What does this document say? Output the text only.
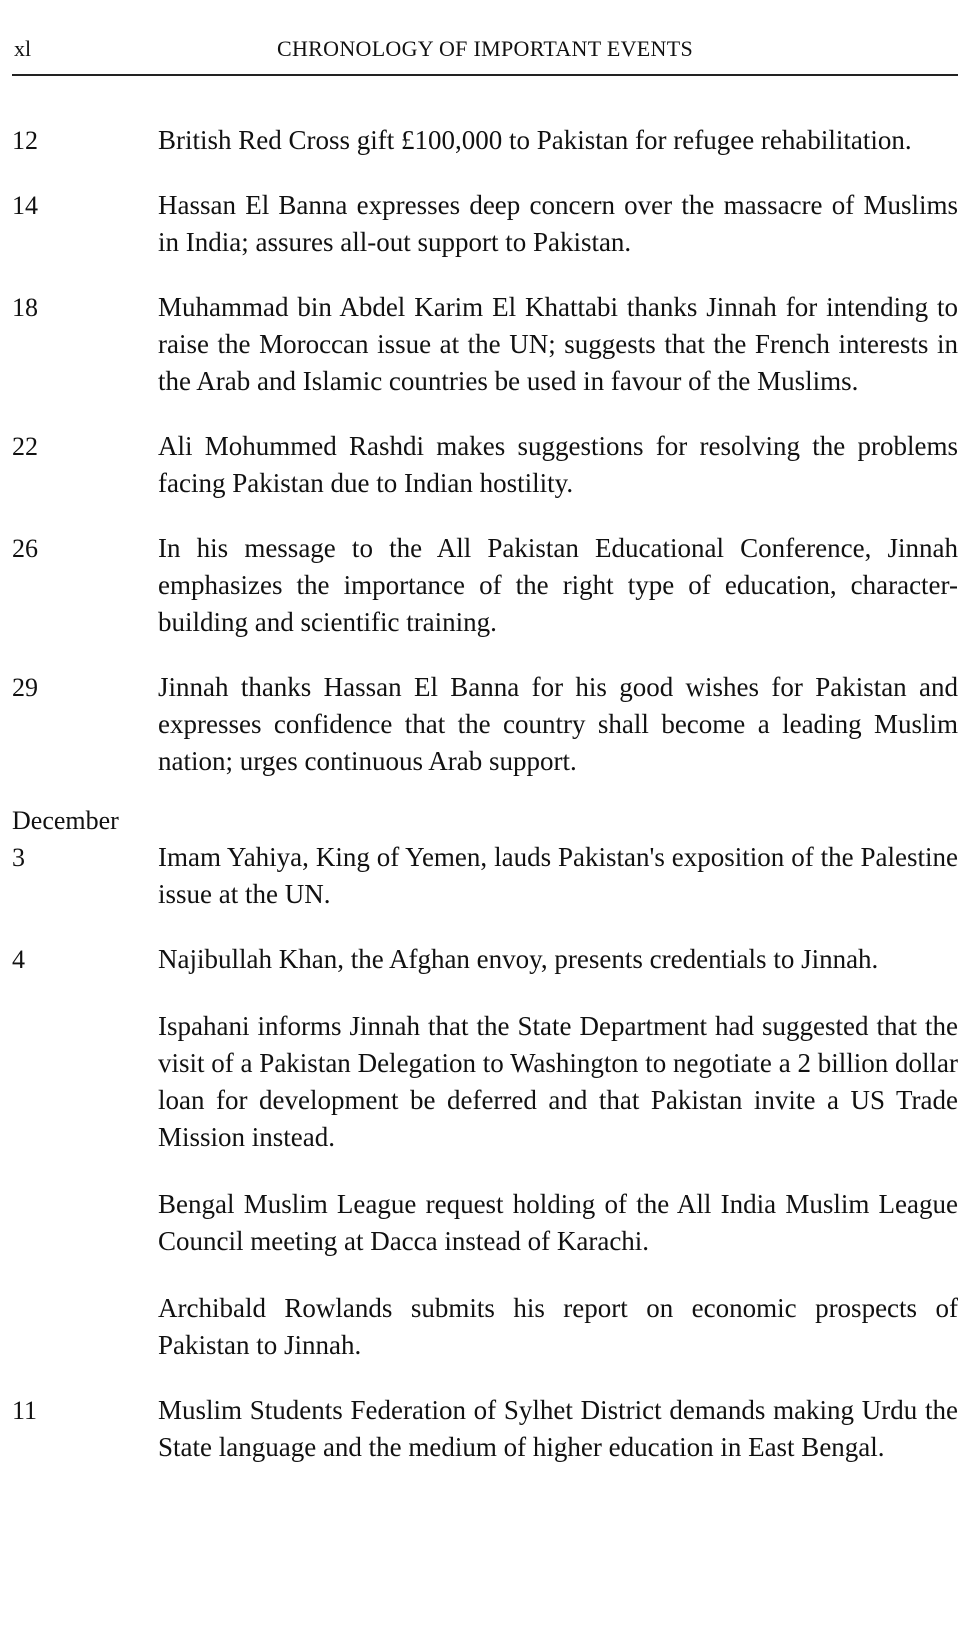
xl	CHRONOLOGY OF IMPORTANT EVENTS
12	British Red Cross gift £100,000 to Pakistan for refugee rehabilitation.
14	Hassan El Banna expresses deep concern over the massacre of Muslims in India; assures all-out support to Pakistan.
18	Muhammad bin Abdel Karim El Khattabi thanks Jinnah for intending to raise the Moroccan issue at the UN; suggests that the French interests in the Arab and Islamic countries be used in favour of the Muslims.
22	Ali Mohummed Rashdi makes suggestions for resolving the problems facing Pakistan due to Indian hostility.
26	In his message to the All Pakistan Educational Conference, Jinnah emphasizes the importance of the right type of education, character-building and scientific training.
29	Jinnah thanks Hassan El Banna for his good wishes for Pakistan and expresses confidence that the country shall become a leading Muslim nation; urges continuous Arab support.
December
3	Imam Yahiya, King of Yemen, lauds Pakistan's exposition of the Palestine issue at the UN.
4	Najibullah Khan, the Afghan envoy, presents credentials to Jinnah.
Ispahani informs Jinnah that the State Department had suggested that the visit of a Pakistan Delegation to Washington to negotiate a 2 billion dollar loan for development be deferred and that Pakistan invite a US Trade Mission instead.
Bengal Muslim League request holding of the All India Muslim League Council meeting at Dacca instead of Karachi.
Archibald Rowlands submits his report on economic prospects of Pakistan to Jinnah.
11	Muslim Students Federation of Sylhet District demands making Urdu the State language and the medium of higher education in East Bengal.
